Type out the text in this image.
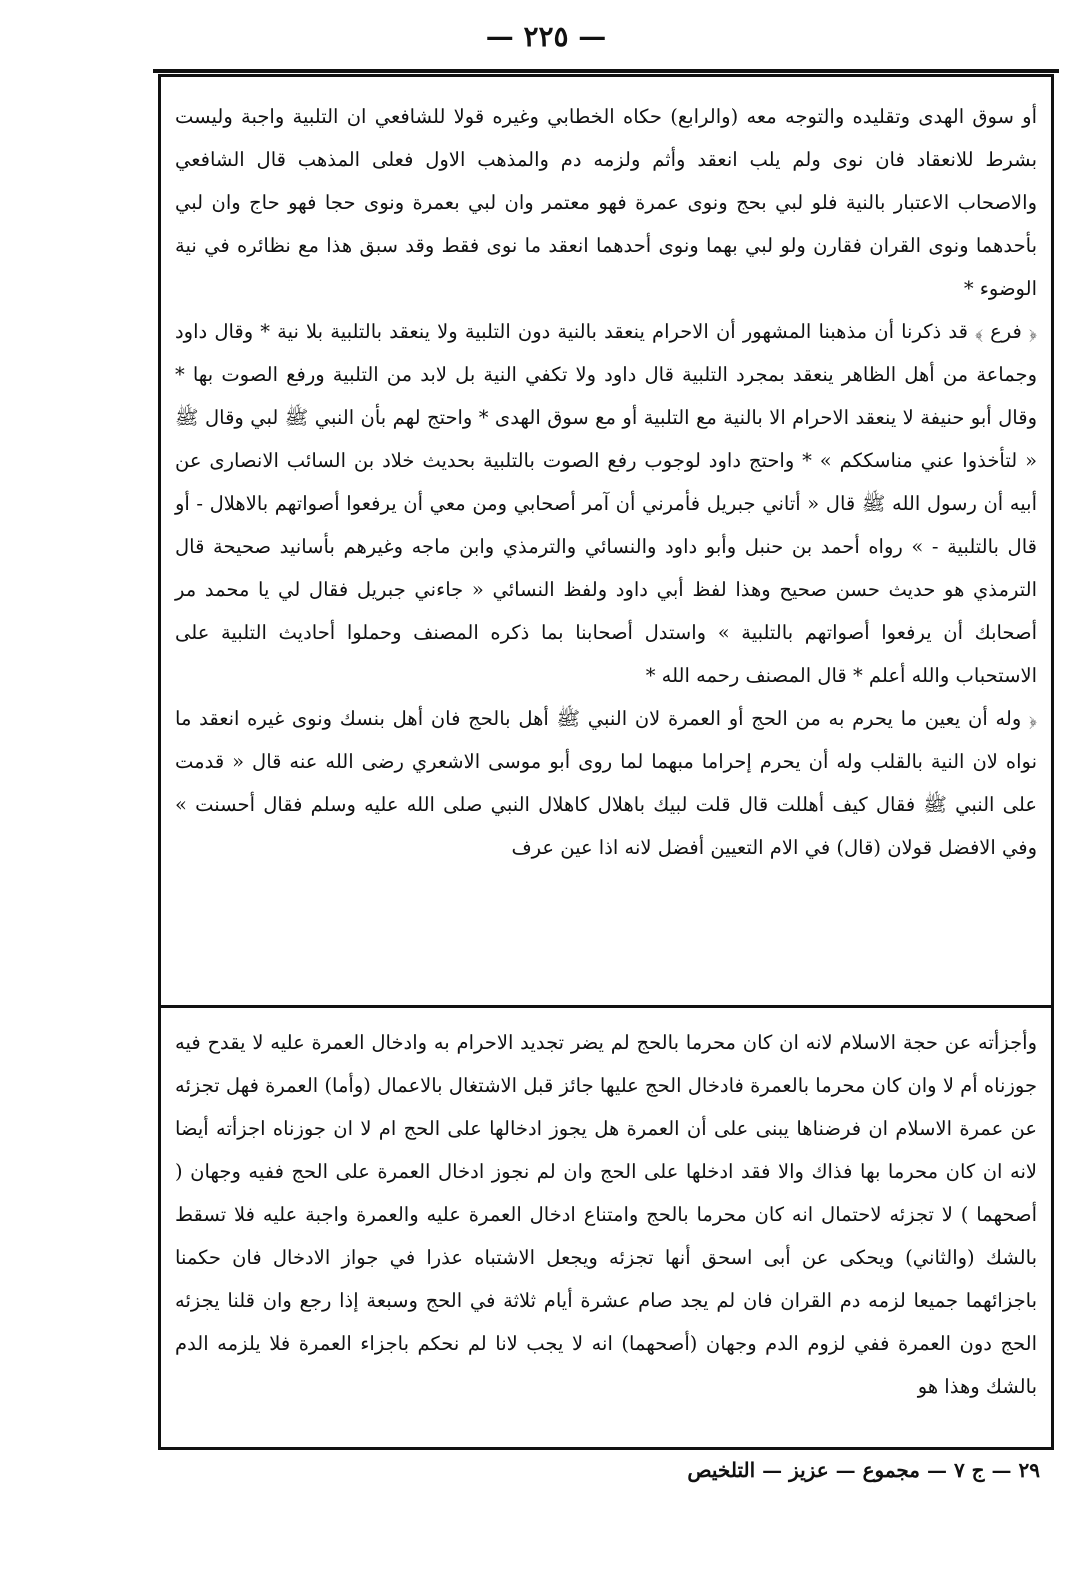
— ٢٢٥ —

أو سوق الهدى وتقليده والتوجه معه (والرابع) حكاه الخطابي وغيره قولا للشافعي ان التلبية واجبة وليست بشرط للانعقاد فان نوى ولم يلب انعقد وأثم ولزمه دم والمذهب الاول فعلى المذهب قال الشافعي والاصحاب الاعتبار بالنية فلو لبي بحج ونوى عمرة فهو معتمر وان لبي بعمرة ونوى حجا فهو حاج وان لبي بأحدهما ونوى القران فقارن ولو لبي بهما ونوى أحدهما انعقد ما نوى فقط وقد سبق هذا مع نظائره في نية الوضوء *

﴿ فرع ﴾ قد ذكرنا أن مذهبنا المشهور أن الاحرام ينعقد بالنية دون التلبية ولا ينعقد بالتلبية بلا نية * وقال داود وجماعة من أهل الظاهر ينعقد بمجرد التلبية قال داود ولا تكفي النية بل لابد من التلبية ورفع الصوت بها * وقال أبو حنيفة لا ينعقد الاحرام الا بالنية مع التلبية أو مع سوق الهدى * واحتج لهم بأن النبي ﷺ لبي وقال ﷺ « لتأخذوا عني مناسككم » * واحتج داود لوجوب رفع الصوت بالتلبية بحديث خلاد بن السائب الانصارى عن أبيه أن رسول الله ﷺ قال « أتاني جبريل فأمرني أن آمر أصحابي ومن معي أن يرفعوا أصواتهم بالاهلال - أو قال بالتلبية - » رواه أحمد بن حنبل وأبو داود والنسائي والترمذي وابن ماجه وغيرهم بأسانيد صحيحة قال الترمذي هو حديث حسن صحيح وهذا لفظ أبي داود ولفظ النسائي « جاءني جبريل فقال لي يا محمد مر أصحابك أن يرفعوا أصواتهم بالتلبية » واستدل أصحابنا بما ذكره المصنف وحملوا أحاديث التلبية على الاستحباب والله أعلم * قال المصنف رحمه الله *

﴿ وله أن يعين ما يحرم به من الحج أو العمرة لان النبي ﷺ أهل بالحج فان أهل بنسك ونوى غيره انعقد ما نواه لان النية بالقلب وله أن يحرم إحراما مبهما لما روى أبو موسى الاشعري رضى الله عنه قال « قدمت على النبي ﷺ فقال كيف أهللت قال قلت لبيك باهلال كاهلال النبي صلى الله عليه وسلم فقال أحسنت » وفي الافضل قولان (قال) في الام التعيين أفضل لانه اذا عين عرف

وأجزأته عن حجة الاسلام لانه ان كان محرما بالحج لم يضر تجديد الاحرام به وادخال العمرة عليه لا يقدح فيه جوزناه أم لا وان كان محرما بالعمرة فادخال الحج عليها جائز قبل الاشتغال بالاعمال (وأما) العمرة فهل تجزئه عن عمرة الاسلام ان فرضناها يبنى على أن العمرة هل يجوز ادخالها على الحج ام لا ان جوزناه اجزأته أيضا لانه ان كان محرما بها فذاك والا فقد ادخلها على الحج وان لم نجوز ادخال العمرة على الحج ففيه وجهان ( أصحهما ) لا تجزئه لاحتمال انه كان محرما بالحج وامتناع ادخال العمرة عليه والعمرة واجبة عليه فلا تسقط بالشك (والثاني) ويحكى عن أبى اسحق أنها تجزئه ويجعل الاشتباه عذرا في جواز الادخال فان حكمنا باجزائهما جميعا لزمه دم القران فان لم يجد صام عشرة أيام ثلاثة في الحج وسبعة إذا رجع وان قلنا يجزئه الحج دون العمرة ففي لزوم الدم وجهان (أصحهما) انه لا يجب لانا لم نحكم باجزاء العمرة فلا يلزمه الدم بالشك وهذا هو

٢٩ — ج ٧ — مجموع — عزيز — التلخيص
